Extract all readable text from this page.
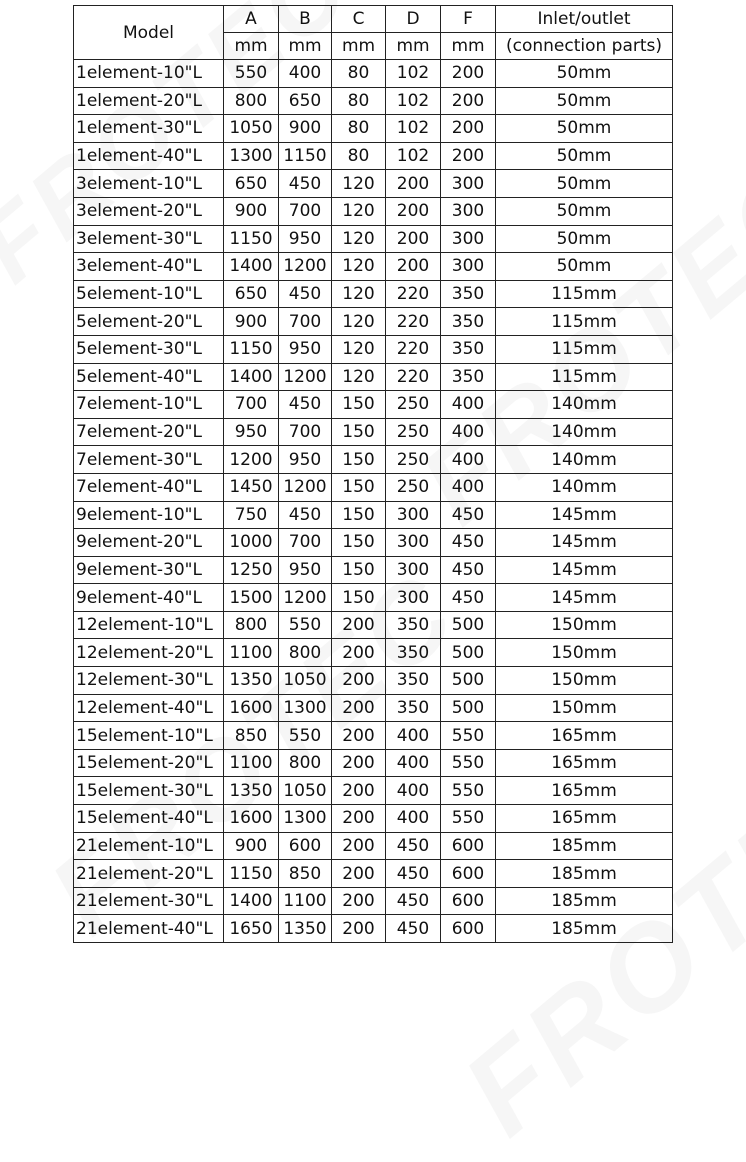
Model	A	B	C	D	F	Inlet/outlet
	mm	mm	mm	mm	mm	(connection parts)
1element-10"L	550	400	80	102	200	50mm
1element-20"L	800	650	80	102	200	50mm
1element-30"L	1050	900	80	102	200	50mm
1element-40"L	1300	1150	80	102	200	50mm
3element-10"L	650	450	120	200	300	50mm
3element-20"L	900	700	120	200	300	50mm
3element-30"L	1150	950	120	200	300	50mm
3element-40"L	1400	1200	120	200	300	50mm
5element-10"L	650	450	120	220	350	115mm
5element-20"L	900	700	120	220	350	115mm
5element-30"L	1150	950	120	220	350	115mm
5element-40"L	1400	1200	120	220	350	115mm
7element-10"L	700	450	150	250	400	140mm
7element-20"L	950	700	150	250	400	140mm
7element-30"L	1200	950	150	250	400	140mm
7element-40"L	1450	1200	150	250	400	140mm
9element-10"L	750	450	150	300	450	145mm
9element-20"L	1000	700	150	300	450	145mm
9element-30"L	1250	950	150	300	450	145mm
9element-40"L	1500	1200	150	300	450	145mm
12element-10"L	800	550	200	350	500	150mm
12element-20"L	1100	800	200	350	500	150mm
12element-30"L	1350	1050	200	350	500	150mm
12element-40"L	1600	1300	200	350	500	150mm
15element-10"L	850	550	200	400	550	165mm
15element-20"L	1100	800	200	400	550	165mm
15element-30"L	1350	1050	200	400	550	165mm
15element-40"L	1600	1300	200	400	550	165mm
21element-10"L	900	600	200	450	600	185mm
21element-20"L	1150	850	200	450	600	185mm
21element-30"L	1400	1100	200	450	600	185mm
21element-40"L	1650	1350	200	450	600	185mm
